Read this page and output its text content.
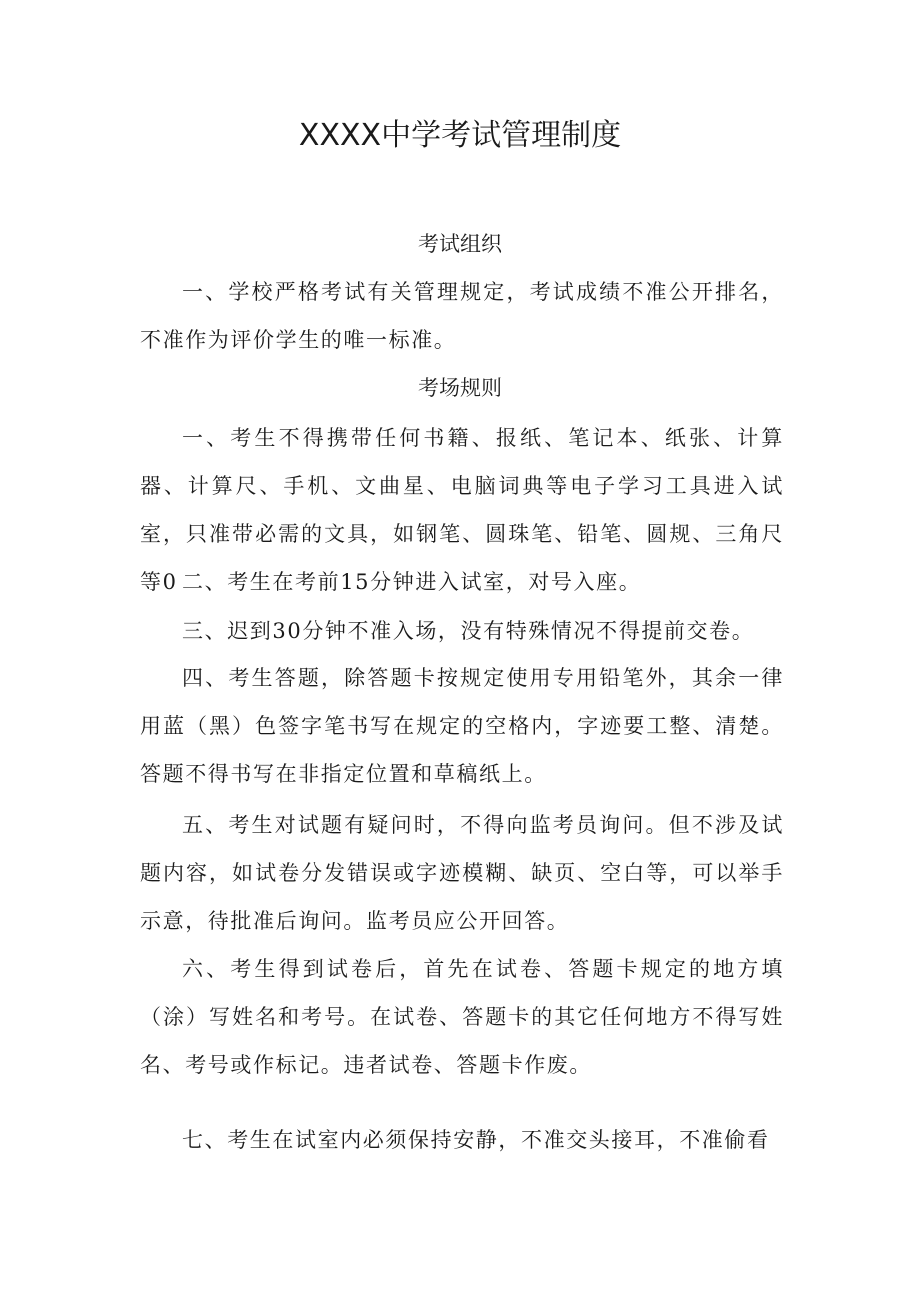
XXXX中学考试管理制度
考试组织

一、学校严格考试有关管理规定，考试成绩不准公开排名，不准作为评价学生的唯一标准。

考场规则

一、考生不得携带任何书籍、报纸、笔记本、纸张、计算器、计算尺、手机、文曲星、电脑词典等电子学习工具进入试室，只准带必需的文具，如钢笔、圆珠笔、铅笔、圆规、三角尺等0 二、考生在考前15分钟进入试室，对号入座。

三、迟到30分钟不准入场，没有特殊情况不得提前交卷。

四、考生答题，除答题卡按规定使用专用铅笔外，其余一律用蓝（黑）色签字笔书写在规定的空格内，字迹要工整、清楚。答题不得书写在非指定位置和草稿纸上。

五、考生对试题有疑问时，不得向监考员询问。但不涉及试题内容，如试卷分发错误或字迹模糊、缺页、空白等，可以举手示意，待批准后询问。监考员应公开回答。

六、考生得到试卷后，首先在试卷、答题卡规定的地方填（涂）写姓名和考号。在试卷、答题卡的其它任何地方不得写姓名、考号或作标记。违者试卷、答题卡作废。

七、考生在试室内必须保持安静，不准交头接耳，不准偷看
